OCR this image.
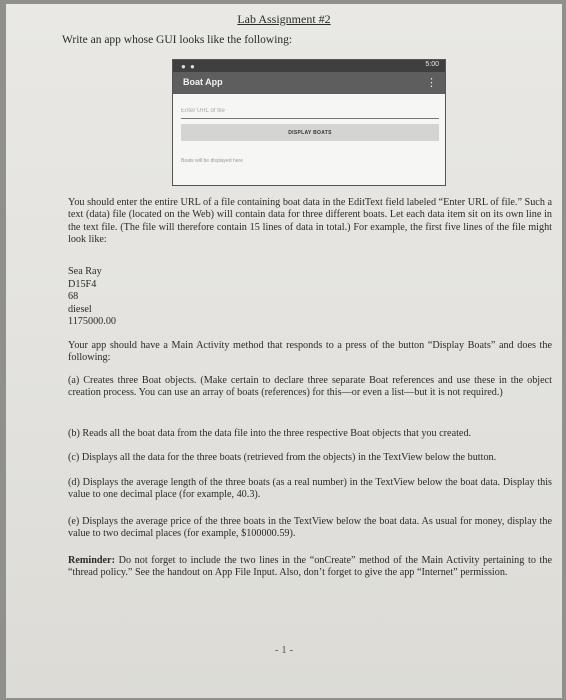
Lab Assignment #2
Write an app whose GUI looks like the following:
● ●	5:00
Boat App	⋮
Enter URL of file
DISPLAY BOATS
Boats will be displayed here

You should enter the entire URL of a file containing boat data in the EditText field labeled “Enter URL of file.” Such a text (data) file (located on the Web) will contain data for three different boats. Let each data item sit on its own line in the text file. (The file will therefore contain 15 lines of data in total.) For example, the first five lines of the file might look like:

Sea Ray
D15F4
68
diesel
1175000.00

Your app should have a Main Activity method that responds to a press of the button “Display Boats” and does the following:

(a) Creates three Boat objects. (Make certain to declare three separate Boat references and use these in the object creation process. You can use an array of boats (references) for this—or even a list—but it is not required.)

(b) Reads all the boat data from the data file into the three respective Boat objects that you created.

(c) Displays all the data for the three boats (retrieved from the objects) in the TextView below the button.

(d) Displays the average length of the three boats (as a real number) in the TextView below the boat data. Display this value to one decimal place (for example, 40.3).

(e) Displays the average price of the three boats in the TextView below the boat data. As usual for money, display the value to two decimal places (for example, $100000.59).

Reminder: Do not forget to include the two lines in the “onCreate” method of the Main Activity pertaining to the “thread policy.” See the handout on App File Input. Also, don’t forget to give the app “Internet” permission.

- 1 -
